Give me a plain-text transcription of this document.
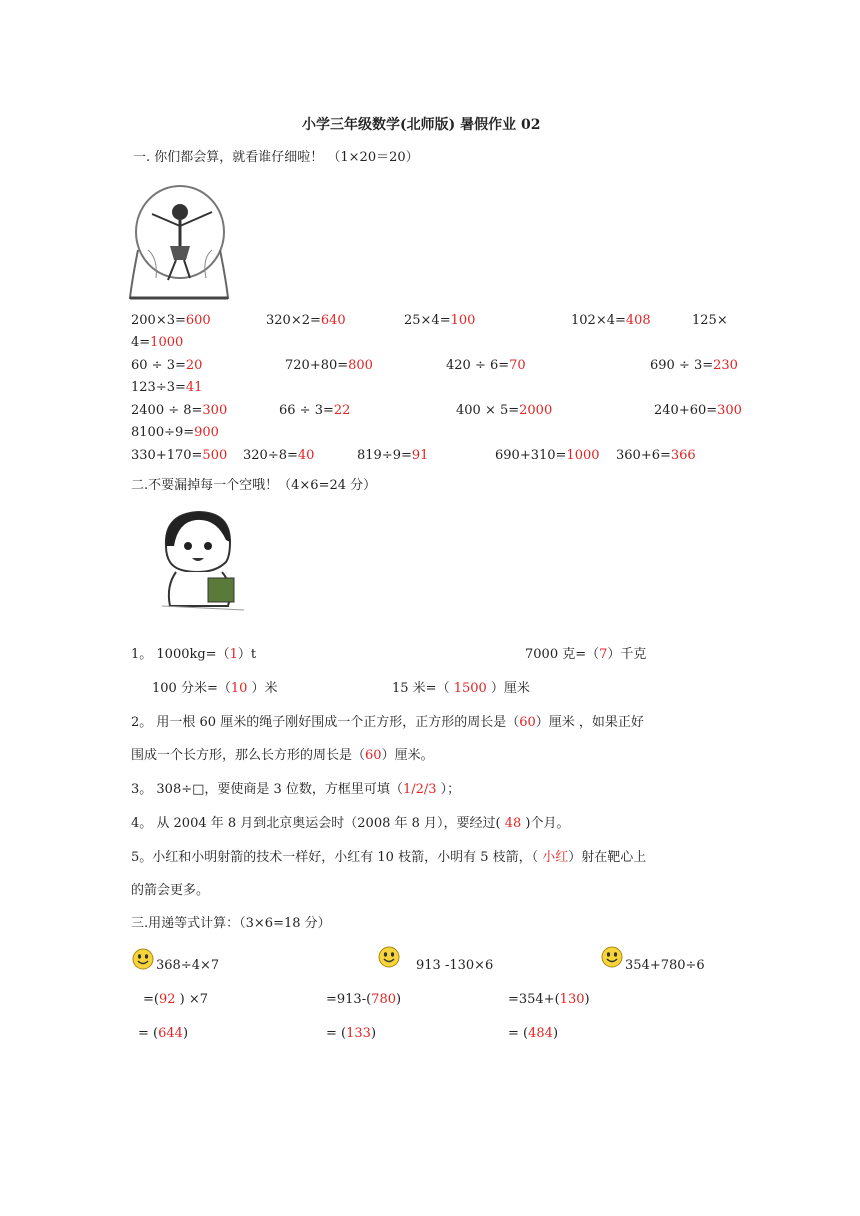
小学三年级数学(北师版) 暑假作业 02
一. 你们都会算，就看谁仔细啦！ （1×20＝20）
200×3=600	320×2=640	25×4=100	102×4=408	125×
4=1000
60 ÷ 3=20	720+80=800	420 ÷ 6=70	690 ÷ 3=230
123÷3=41
2400 ÷ 8=300	66 ÷ 3=22	400 × 5=2000	240+60=300
8100÷9=900
330+170=500 320÷8=40	819÷9=91	690+310=1000 360+6=366
二.不要漏掉每一个空哦！（4×6=24 分）
1。 1000kg=（1）t	7000 克=（7）千克
100 分米=（10 ）米	15 米=（ 1500 ）厘米
2。 用一根 60 厘米的绳子刚好围成一个正方形，正方形的周长是（60）厘米 ，如果正好
围成一个长方形，那么长方形的周长是（60）厘米。
3。 308÷□，要使商是 3 位数，方框里可填（1/2/3 ）；
4。 从 2004 年 8 月到北京奥运会时（2008 年 8 月），要经过( 48 )个月。
5。小红和小明射箭的技术一样好，小红有 10 枝箭，小明有 5 枝箭，（ 小红）射在靶心上
的箭会更多。
三.用递等式计算：（3×6=18 分）
368÷4×7	913 -130×6	354+780÷6
=(92 ) ×7	=913-(780)	=354+(130)
= (644)	= (133)	= (484)
